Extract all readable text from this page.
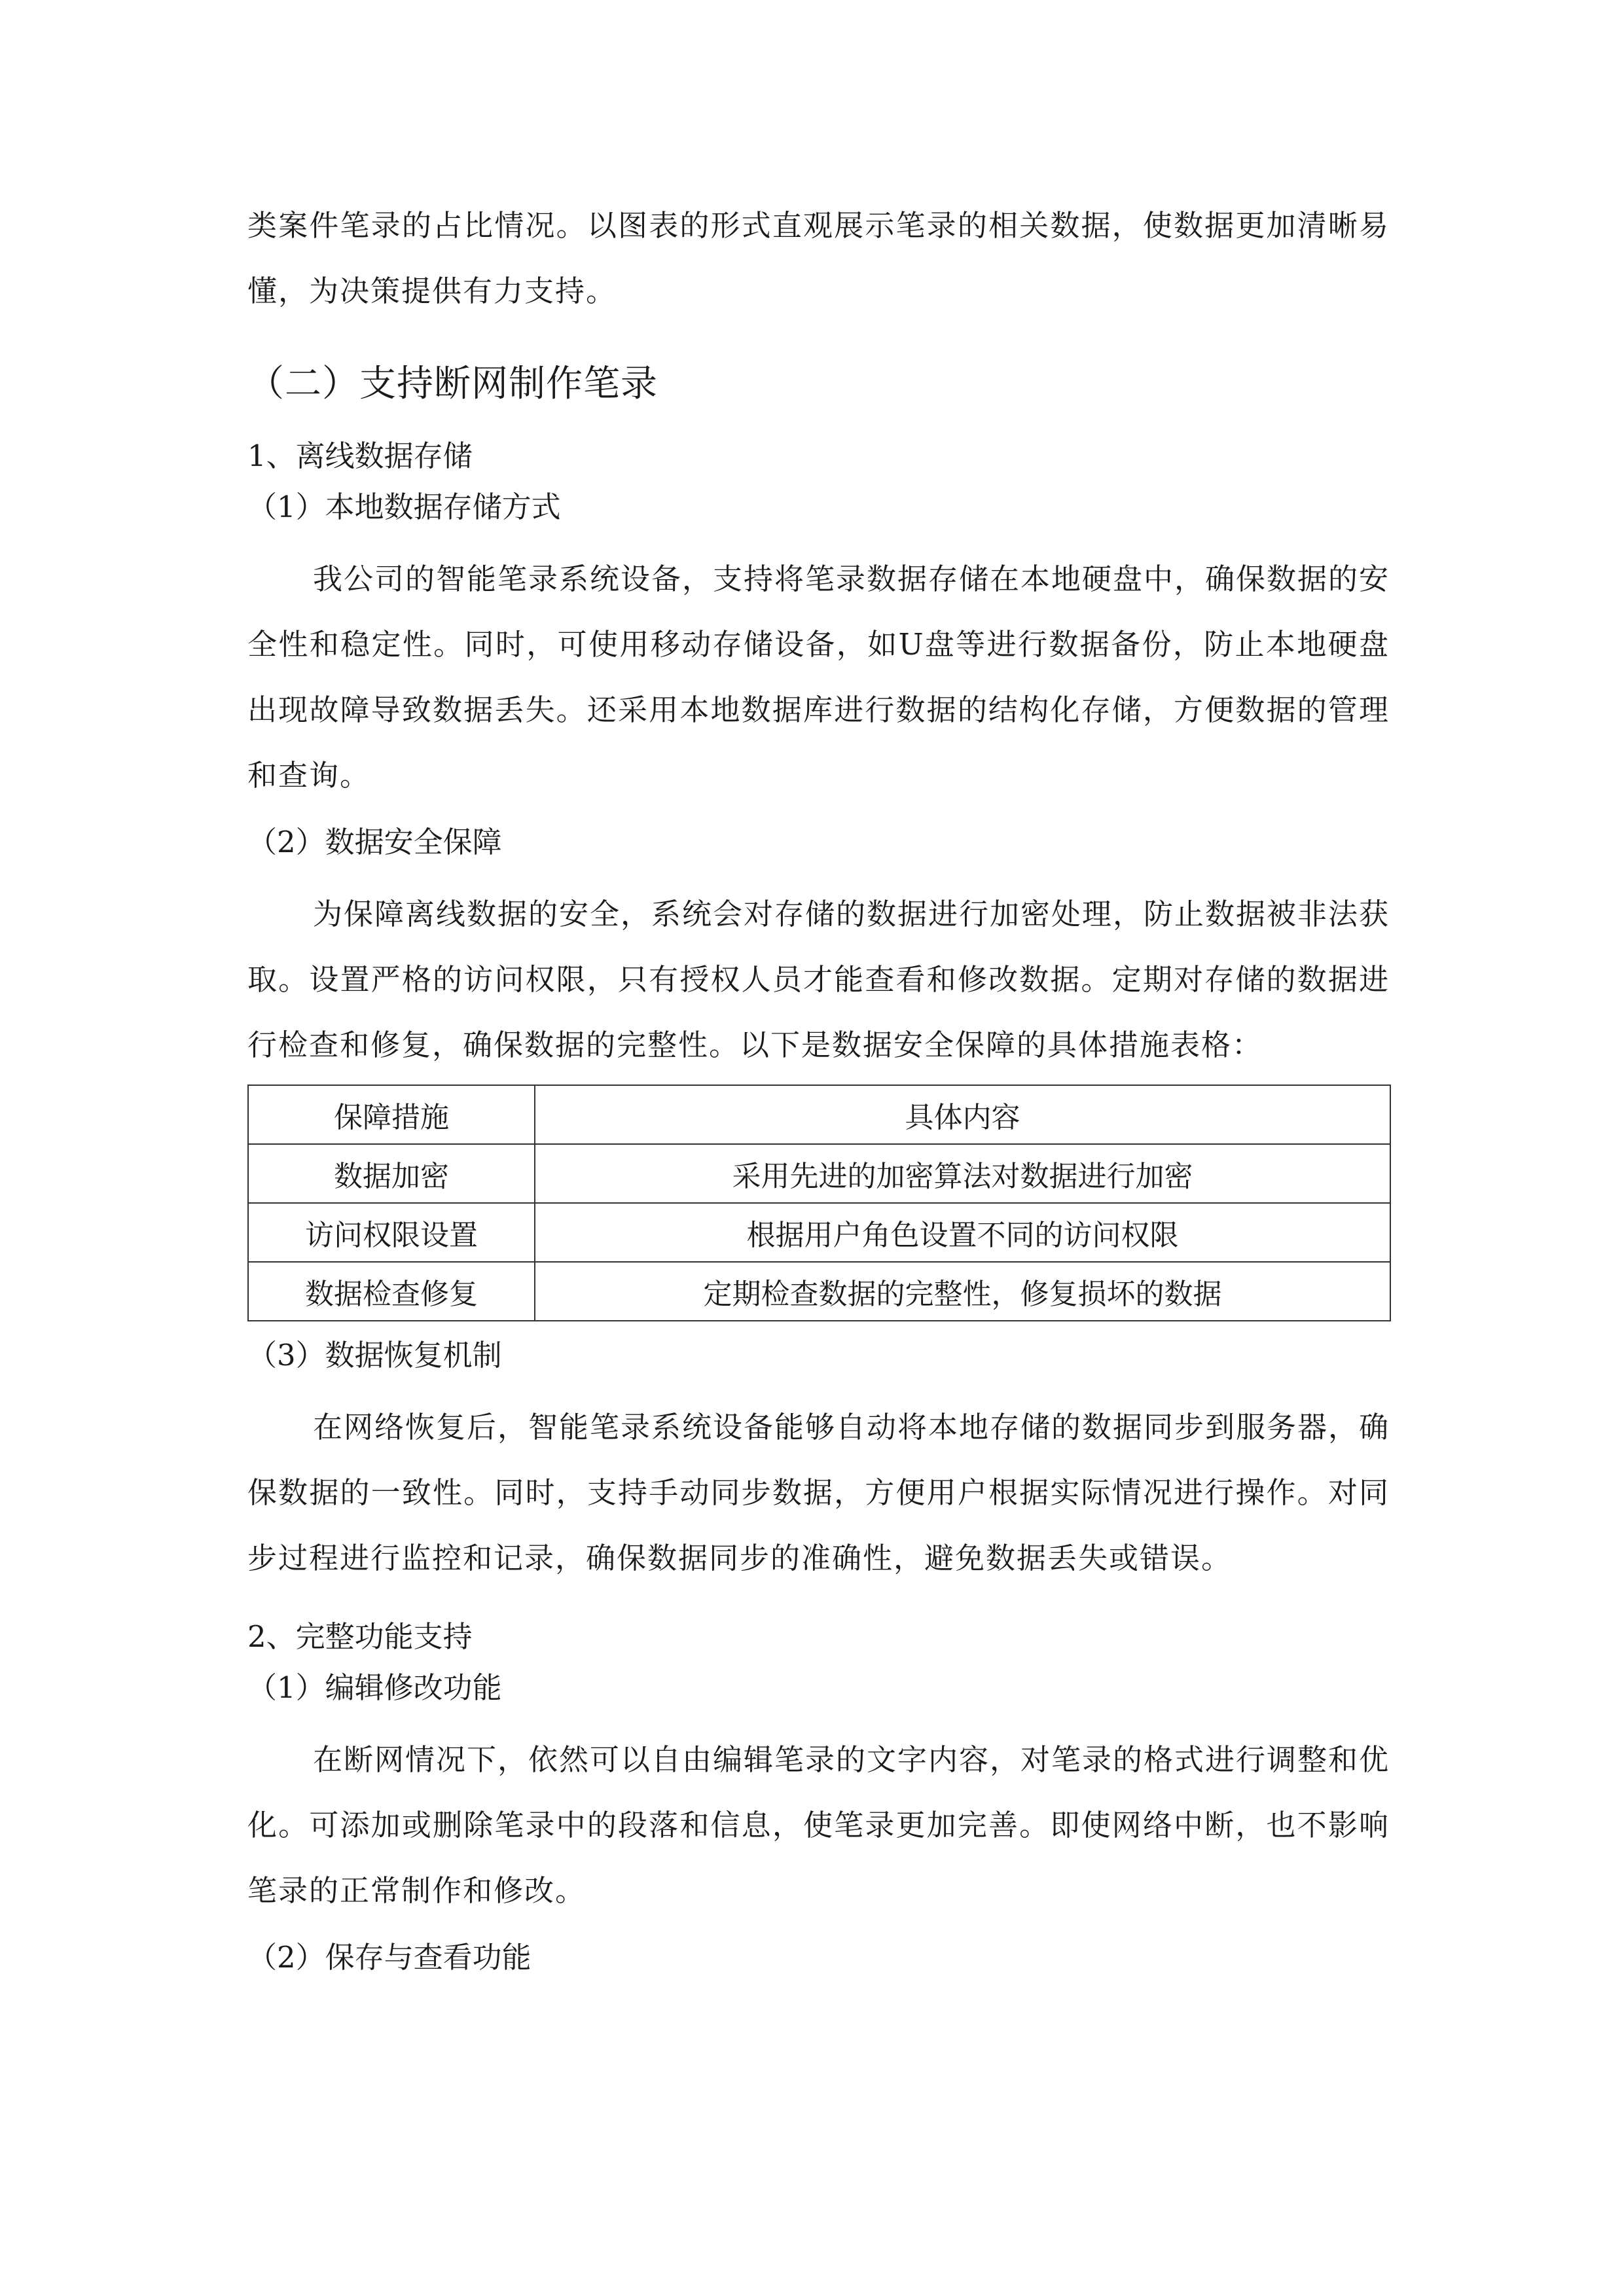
类案件笔录的占比情况。以图表的形式直观展示笔录的相关数据，使数据更加清晰易懂，为决策提供有力支持。

（二）支持断网制作笔录
1、离线数据存储
（1）本地数据存储方式

我公司的智能笔录系统设备，支持将笔录数据存储在本地硬盘中，确保数据的安全性和稳定性。同时，可使用移动存储设备，如U盘等进行数据备份，防止本地硬盘出现故障导致数据丢失。还采用本地数据库进行数据的结构化存储，方便数据的管理和查询。

（2）数据安全保障

为保障离线数据的安全，系统会对存储的数据进行加密处理，防止数据被非法获取。设置严格的访问权限，只有授权人员才能查看和修改数据。定期对存储的数据进行检查和修复，确保数据的完整性。以下是数据安全保障的具体措施表格：

保障措施	具体内容
数据加密	采用先进的加密算法对数据进行加密
访问权限设置	根据用户角色设置不同的访问权限
数据检查修复	定期检查数据的完整性，修复损坏的数据
（3）数据恢复机制

在网络恢复后，智能笔录系统设备能够自动将本地存储的数据同步到服务器，确保数据的一致性。同时，支持手动同步数据，方便用户根据实际情况进行操作。对同步过程进行监控和记录，确保数据同步的准确性，避免数据丢失或错误。

2、完整功能支持
（1）编辑修改功能

在断网情况下，依然可以自由编辑笔录的文字内容，对笔录的格式进行调整和优化。可添加或删除笔录中的段落和信息，使笔录更加完善。即使网络中断，也不影响笔录的正常制作和修改。

（2）保存与查看功能
